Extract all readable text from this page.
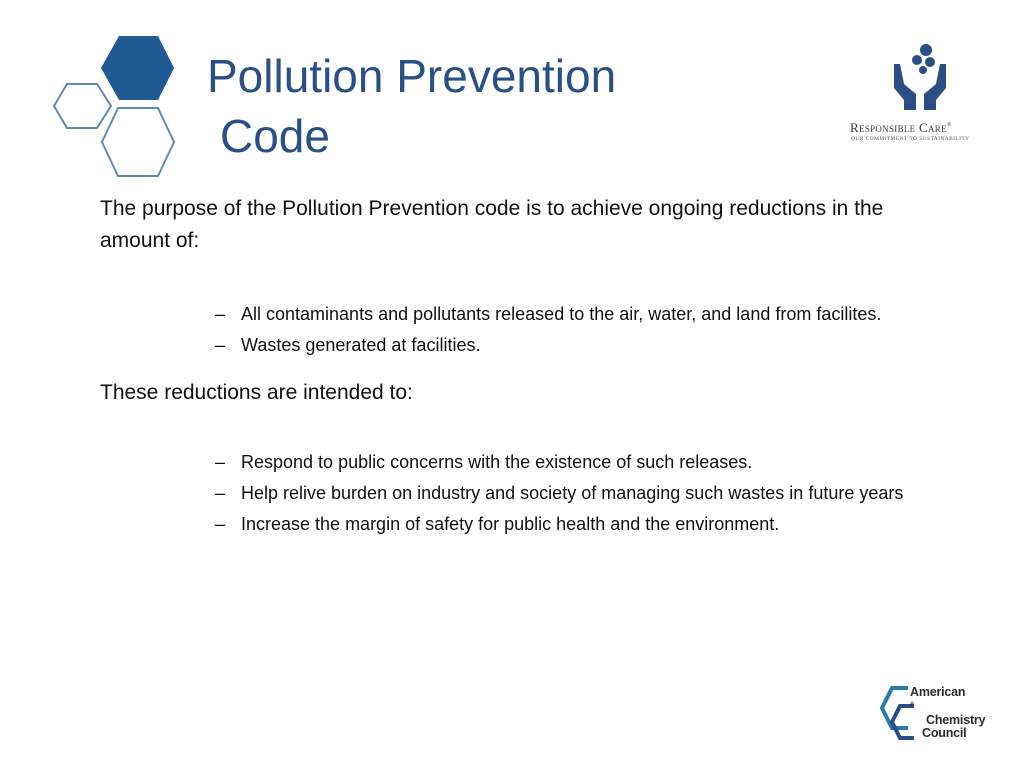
Pollution Prevention
Code	Responsible Care®
OUR COMMITMENT TO SUSTAINABILITY

The purpose of the Pollution Prevention code is to achieve ongoing reductions in the amount of:

– All contaminants and pollutants released to the air, water, and land from facilites.
– Wastes generated at facilities.

These reductions are intended to:

– Respond to public concerns with the existence of such releases.
– Help relive burden on industry and society of managing such wastes in future years
– Increase the margin of safety for public health and the environment.
American
®
Chemistry
Council
